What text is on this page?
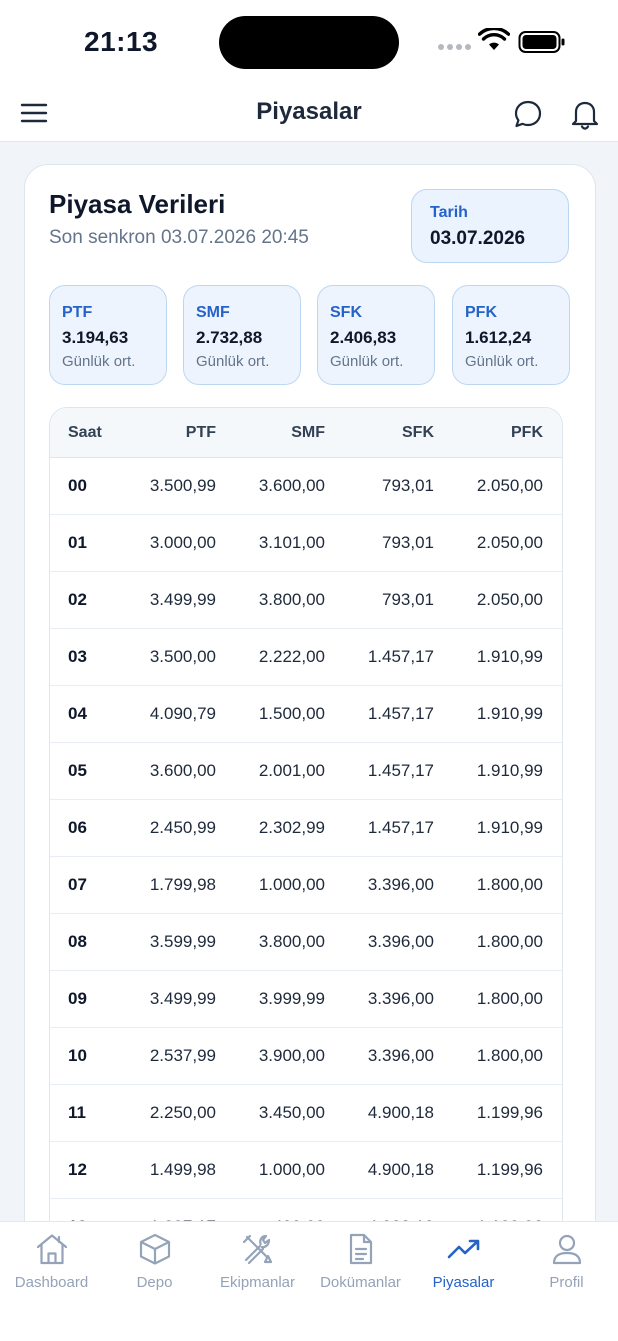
21:13
Piyasalar
Piyasa Verileri
Son senkron 03.07.2026 20:45
Tarih
03.07.2026
PTF
3.194,63
Günlük ort.
SMF
2.732,88
Günlük ort.
SFK
2.406,83
Günlük ort.
PFK
1.612,24
Günlük ort.
Saat	PTF	SMF	SFK	PFK
00	3.500,99	3.600,00	793,01	2.050,00
01	3.000,00	3.101,00	793,01	2.050,00
02	3.499,99	3.800,00	793,01	2.050,00
03	3.500,00	2.222,00	1.457,17	1.910,99
04	4.090,79	1.500,00	1.457,17	1.910,99
05	3.600,00	2.001,00	1.457,17	1.910,99
06	2.450,99	2.302,99	1.457,17	1.910,99
07	1.799,98	1.000,00	3.396,00	1.800,00
08	3.599,99	3.800,00	3.396,00	1.800,00
09	3.499,99	3.999,99	3.396,00	1.800,00
10	2.537,99	3.900,00	3.396,00	1.800,00
11	2.250,00	3.450,00	4.900,18	1.199,96
12	1.499,98	1.000,00	4.900,18	1.199,96
Dashboard	Depo	Ekipmanlar	Dokümanlar	Piyasalar	Profil
